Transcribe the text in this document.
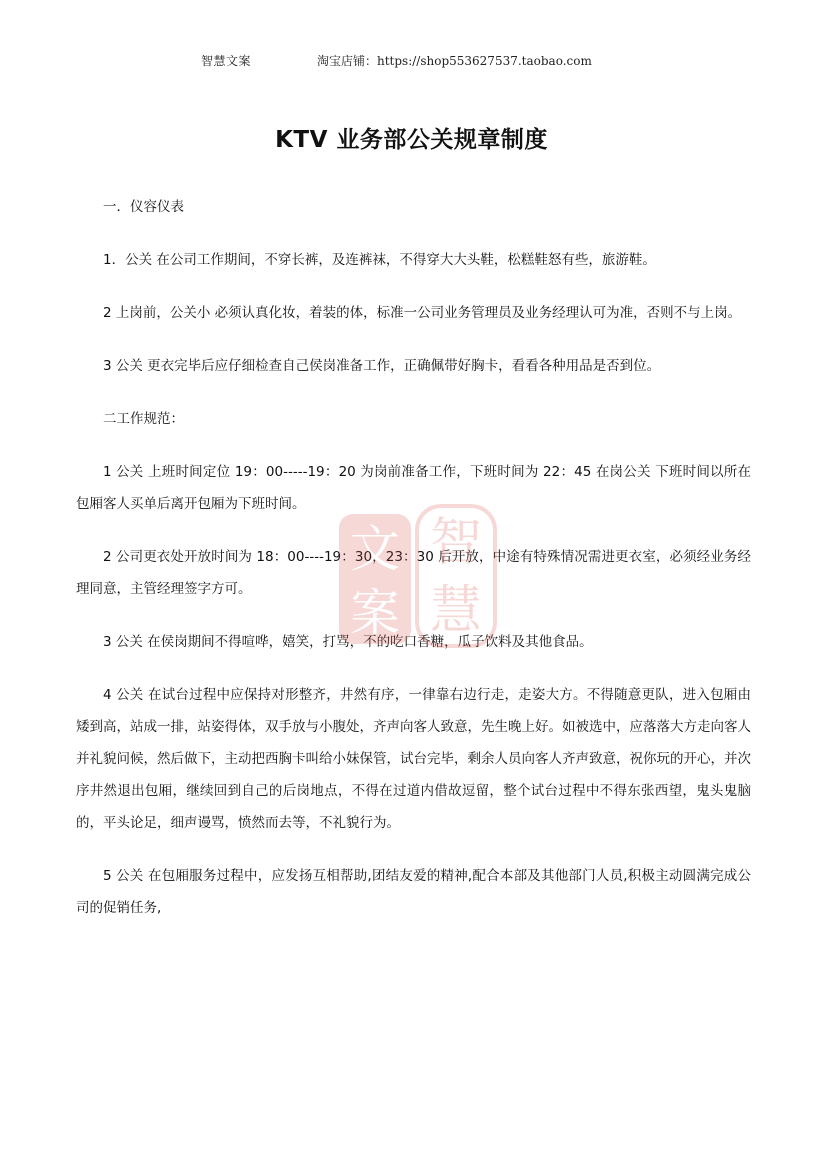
智慧文案	淘宝店铺：https://shop553627537.taobao.com
KTV 业务部公关规章制度

一．仪容仪表

1．公关 在公司工作期间，不穿长裤，及连裤袜，不得穿大大头鞋，松糕鞋怒有些，旅游鞋。

2 上岗前，公关小 必须认真化妆，着装的体，标准一公司业务管理员及业务经理认可为准，否则不与上岗。

3 公关 更衣完毕后应仔细检查自己侯岗准备工作，正确佩带好胸卡，看看各种用品是否到位。

二工作规范：

1 公关 上班时间定位 19：00-----19：20 为岗前准备工作，下班时间为 22：45 在岗公关 下班时间以所在包厢客人买单后离开包厢为下班时间。

2 公司更衣处开放时间为 18：00----19：30，23：30 后开放，中途有特殊情况需进更衣室，必须经业务经理同意，主管经理签字方可。

3 公关 在侯岗期间不得喧哗，嬉笑，打骂，不的吃口香糖，瓜子饮料及其他食品。

4 公关 在试台过程中应保持对形整齐，井然有序，一律靠右边行走，走姿大方。不得随意更队，进入包厢由矮到高，站成一排，站姿得体，双手放与小腹处，齐声向客人致意，先生晚上好。如被选中，应落落大方走向客人并礼貌问候，然后做下，主动把西胸卡叫给小妹保管，试台完毕，剩余人员向客人齐声致意，祝你玩的开心，并次序井然退出包厢，继续回到自己的后岗地点，不得在过道内借故逗留，整个试台过程中不得东张西望，鬼头鬼脑的，平头论足，细声谩骂，愤然而去等，不礼貌行为。

5 公关 在包厢服务过程中，应发扬互相帮助,团结友爱的精神,配合本部及其他部门人员,积极主动圆满完成公司的促销任务,

文 智
案 慧
